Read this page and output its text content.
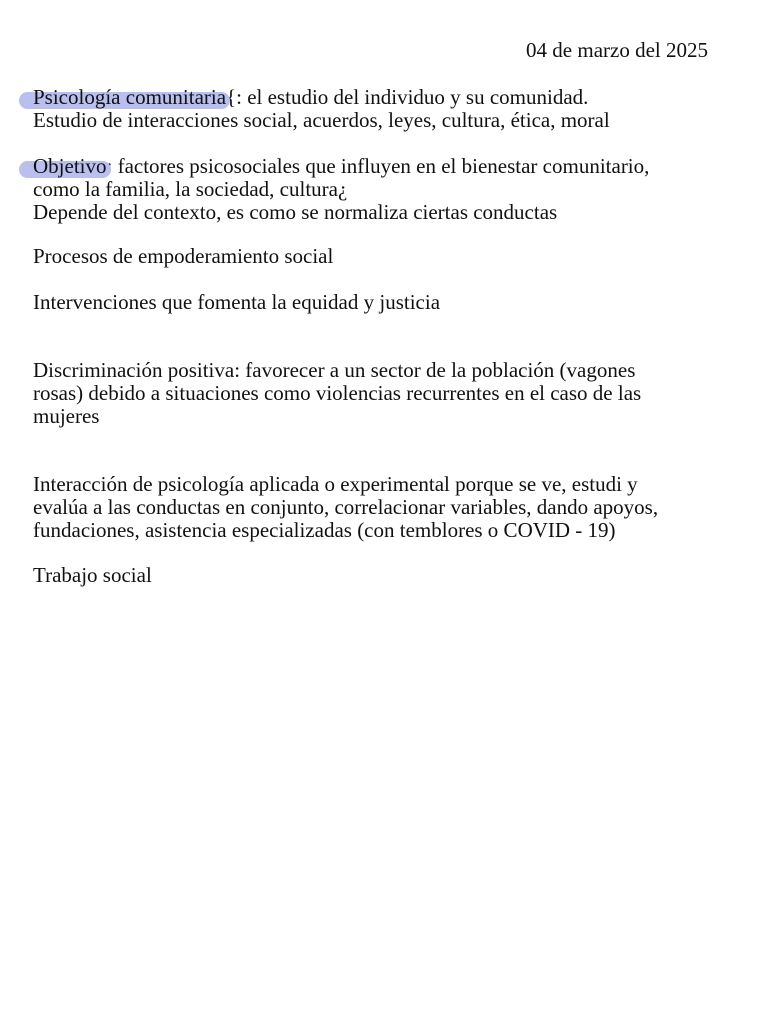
04 de marzo del 2025

Psicología comunitaria{: el estudio del individuo y su comunidad.
Estudio de interacciones social, acuerdos, leyes, cultura, ética, moral

Objetivo: factores psicosociales que influyen en el bienestar comunitario,
como la familia, la sociedad, cultura¿
Depende del contexto, es como se normaliza ciertas conductas

Procesos de empoderamiento social

Intervenciones que fomenta la equidad y justicia

Discriminación positiva: favorecer a un sector de la población (vagones
rosas) debido a situaciones como violencias recurrentes en el caso de las
mujeres

Interacción de psicología aplicada o experimental porque se ve, estudi y
evalúa a las conductas en conjunto, correlacionar variables, dando apoyos,
fundaciones, asistencia especializadas (con temblores o COVID - 19)

Trabajo social
